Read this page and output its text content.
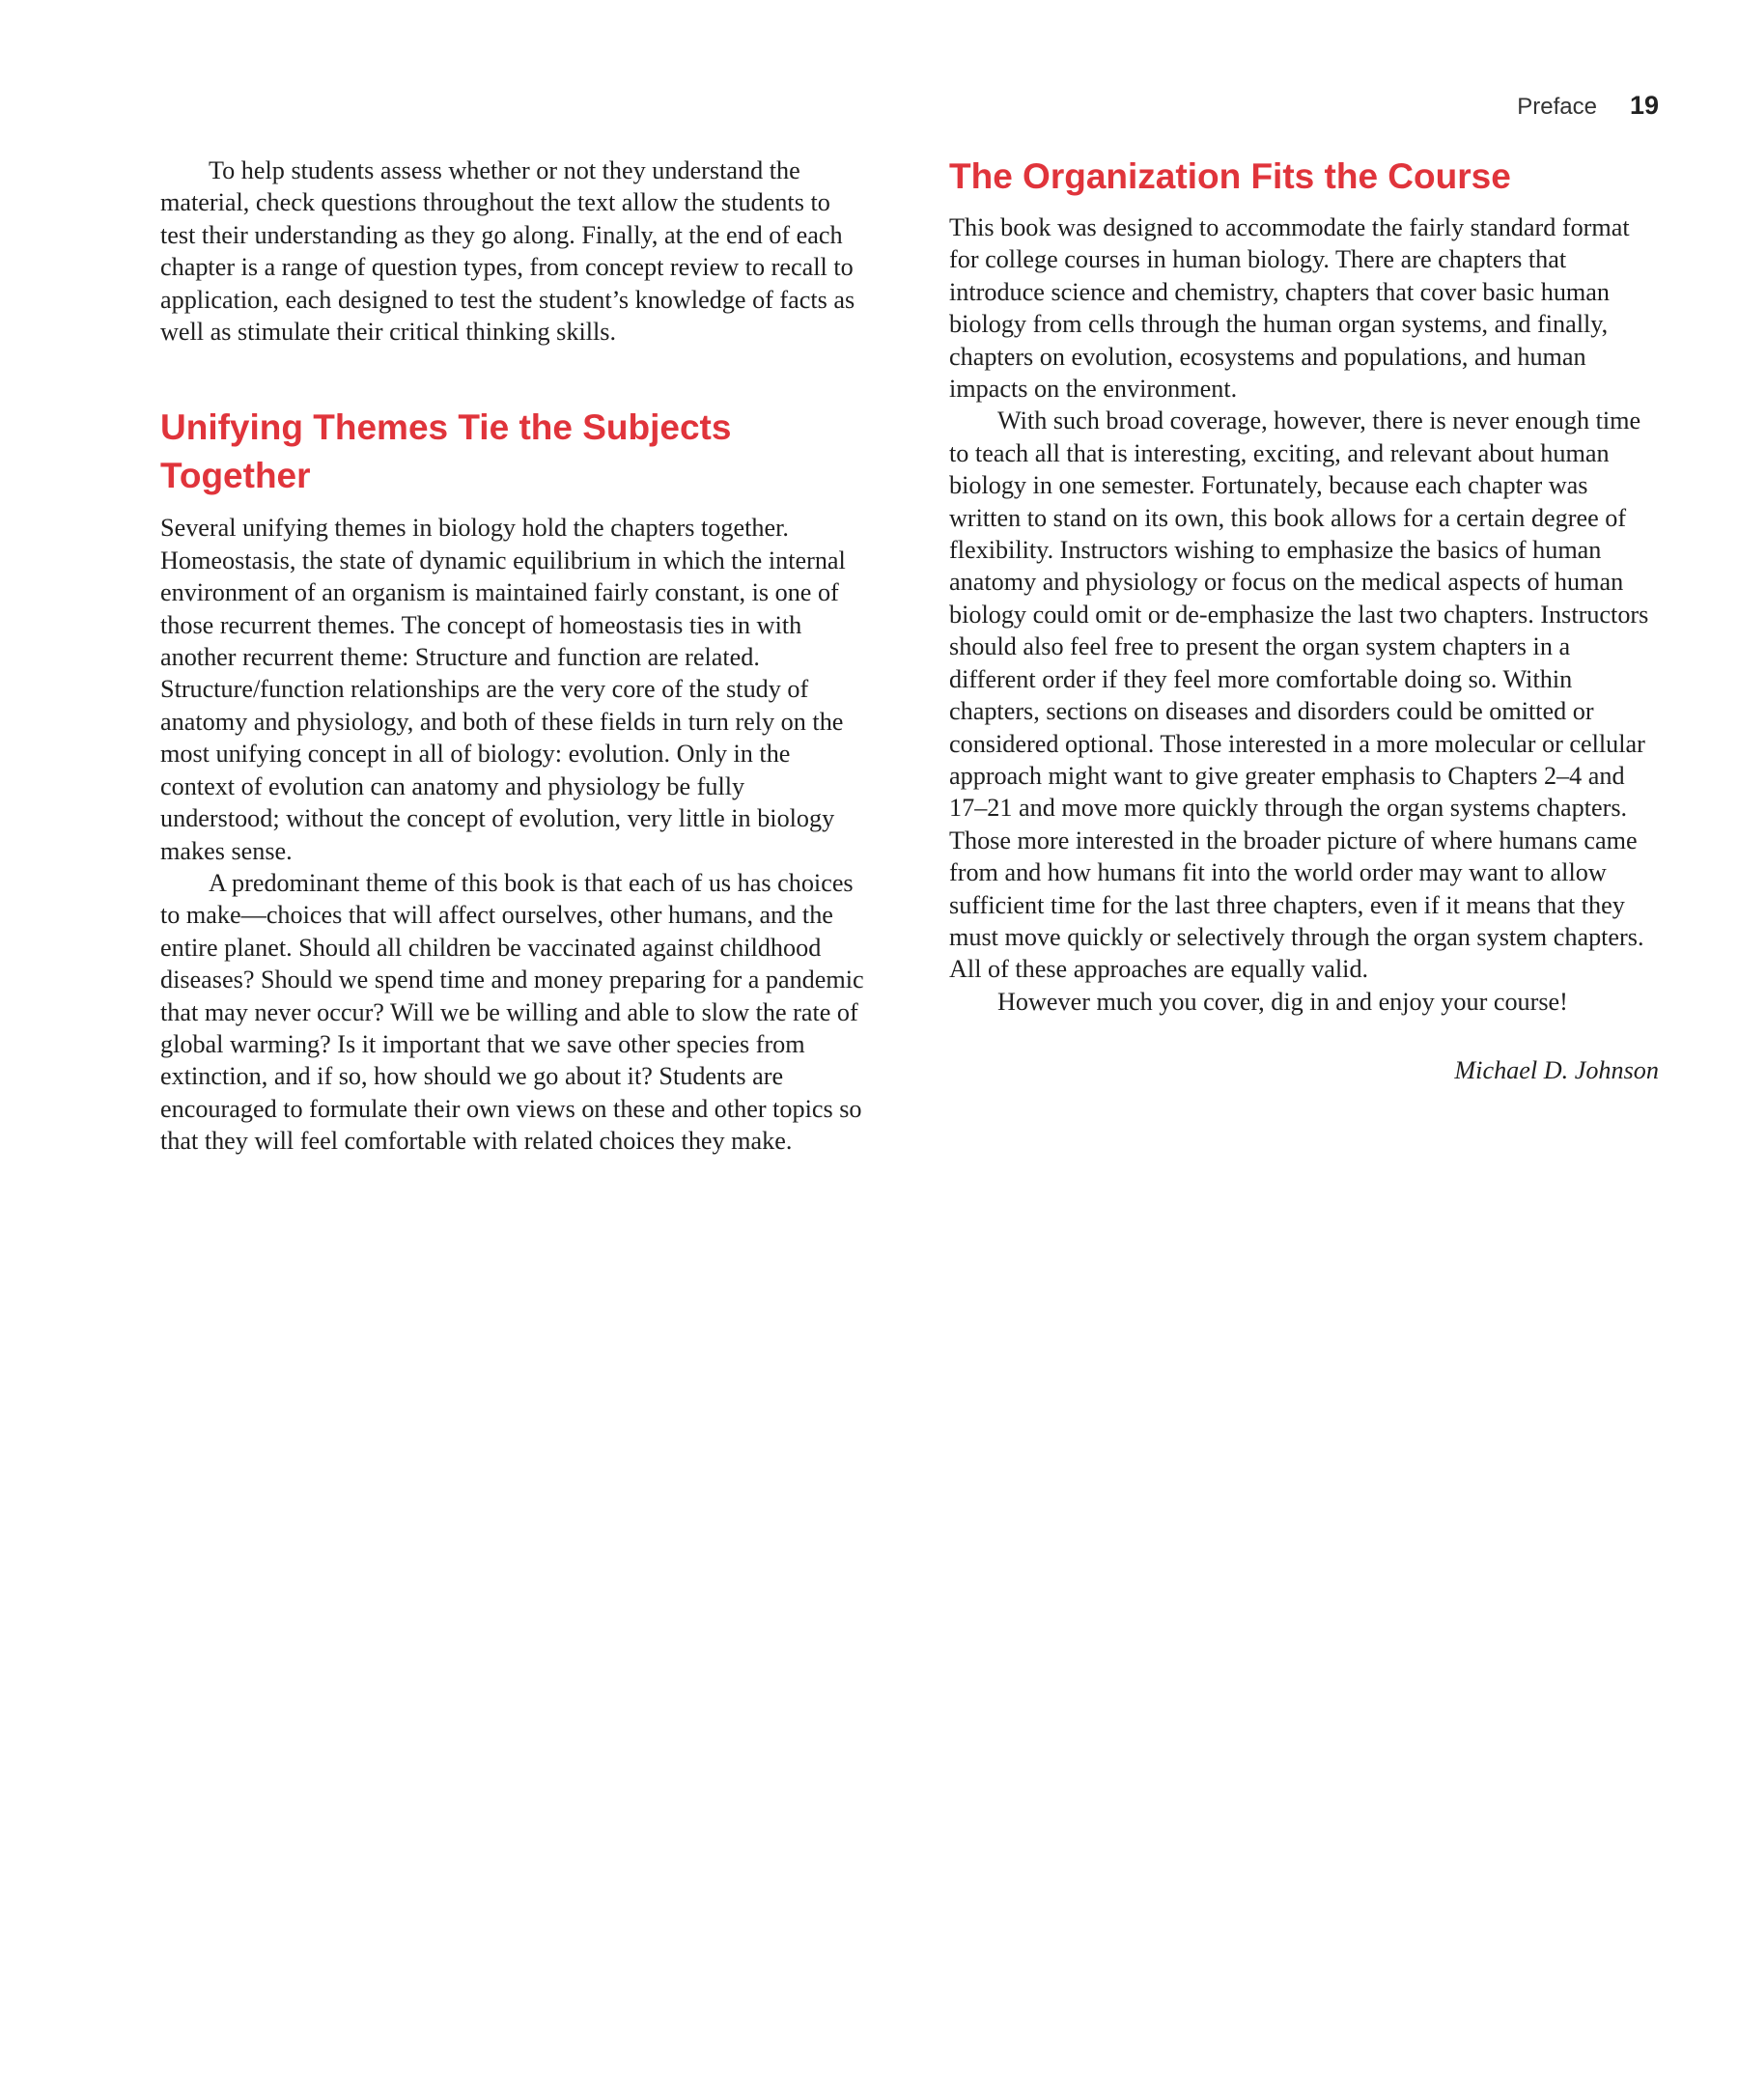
Preface 19

To help students assess whether or not they understand the material, check questions throughout the text allow the students to test their understanding as they go along. Finally, at the end of each chapter is a range of question types, from concept review to recall to application, each designed to test the student’s knowledge of facts as well as stimulate their critical thinking skills.

Unifying Themes Tie the Subjects Together

Several unifying themes in biology hold the chapters together. Homeostasis, the state of dynamic equilibrium in which the internal environment of an organism is maintained fairly constant, is one of those recurrent themes. The concept of homeostasis ties in with another recurrent theme: Structure and function are related. Structure/function relationships are the very core of the study of anatomy and physiology, and both of these fields in turn rely on the most unifying concept in all of biology: evolution. Only in the context of evolution can anatomy and physiology be fully understood; without the concept of evolution, very little in biology makes sense.

A predominant theme of this book is that each of us has choices to make—choices that will affect ourselves, other humans, and the entire planet. Should all children be vaccinated against childhood diseases? Should we spend time and money preparing for a pandemic that may never occur? Will we be willing and able to slow the rate of global warming? Is it important that we save other species from extinction, and if so, how should we go about it? Students are encouraged to formulate their own views on these and other topics so that they will feel comfortable with related choices they make.

The Organization Fits the Course

This book was designed to accommodate the fairly standard format for college courses in human biology. There are chapters that introduce science and chemistry, chapters that cover basic human biology from cells through the human organ systems, and finally, chapters on evolution, ecosystems and populations, and human impacts on the environment.

With such broad coverage, however, there is never enough time to teach all that is interesting, exciting, and relevant about human biology in one semester. Fortunately, because each chapter was written to stand on its own, this book allows for a certain degree of flexibility. Instructors wishing to emphasize the basics of human anatomy and physiology or focus on the medical aspects of human biology could omit or de-emphasize the last two chapters. Instructors should also feel free to present the organ system chapters in a different order if they feel more comfortable doing so. Within chapters, sections on diseases and disorders could be omitted or considered optional. Those interested in a more molecular or cellular approach might want to give greater emphasis to Chapters 2–4 and 17–21 and move more quickly through the organ systems chapters. Those more interested in the broader picture of where humans came from and how humans fit into the world order may want to allow sufficient time for the last three chapters, even if it means that they must move quickly or selectively through the organ system chapters. All of these approaches are equally valid.

However much you cover, dig in and enjoy your course!

Michael D. Johnson
